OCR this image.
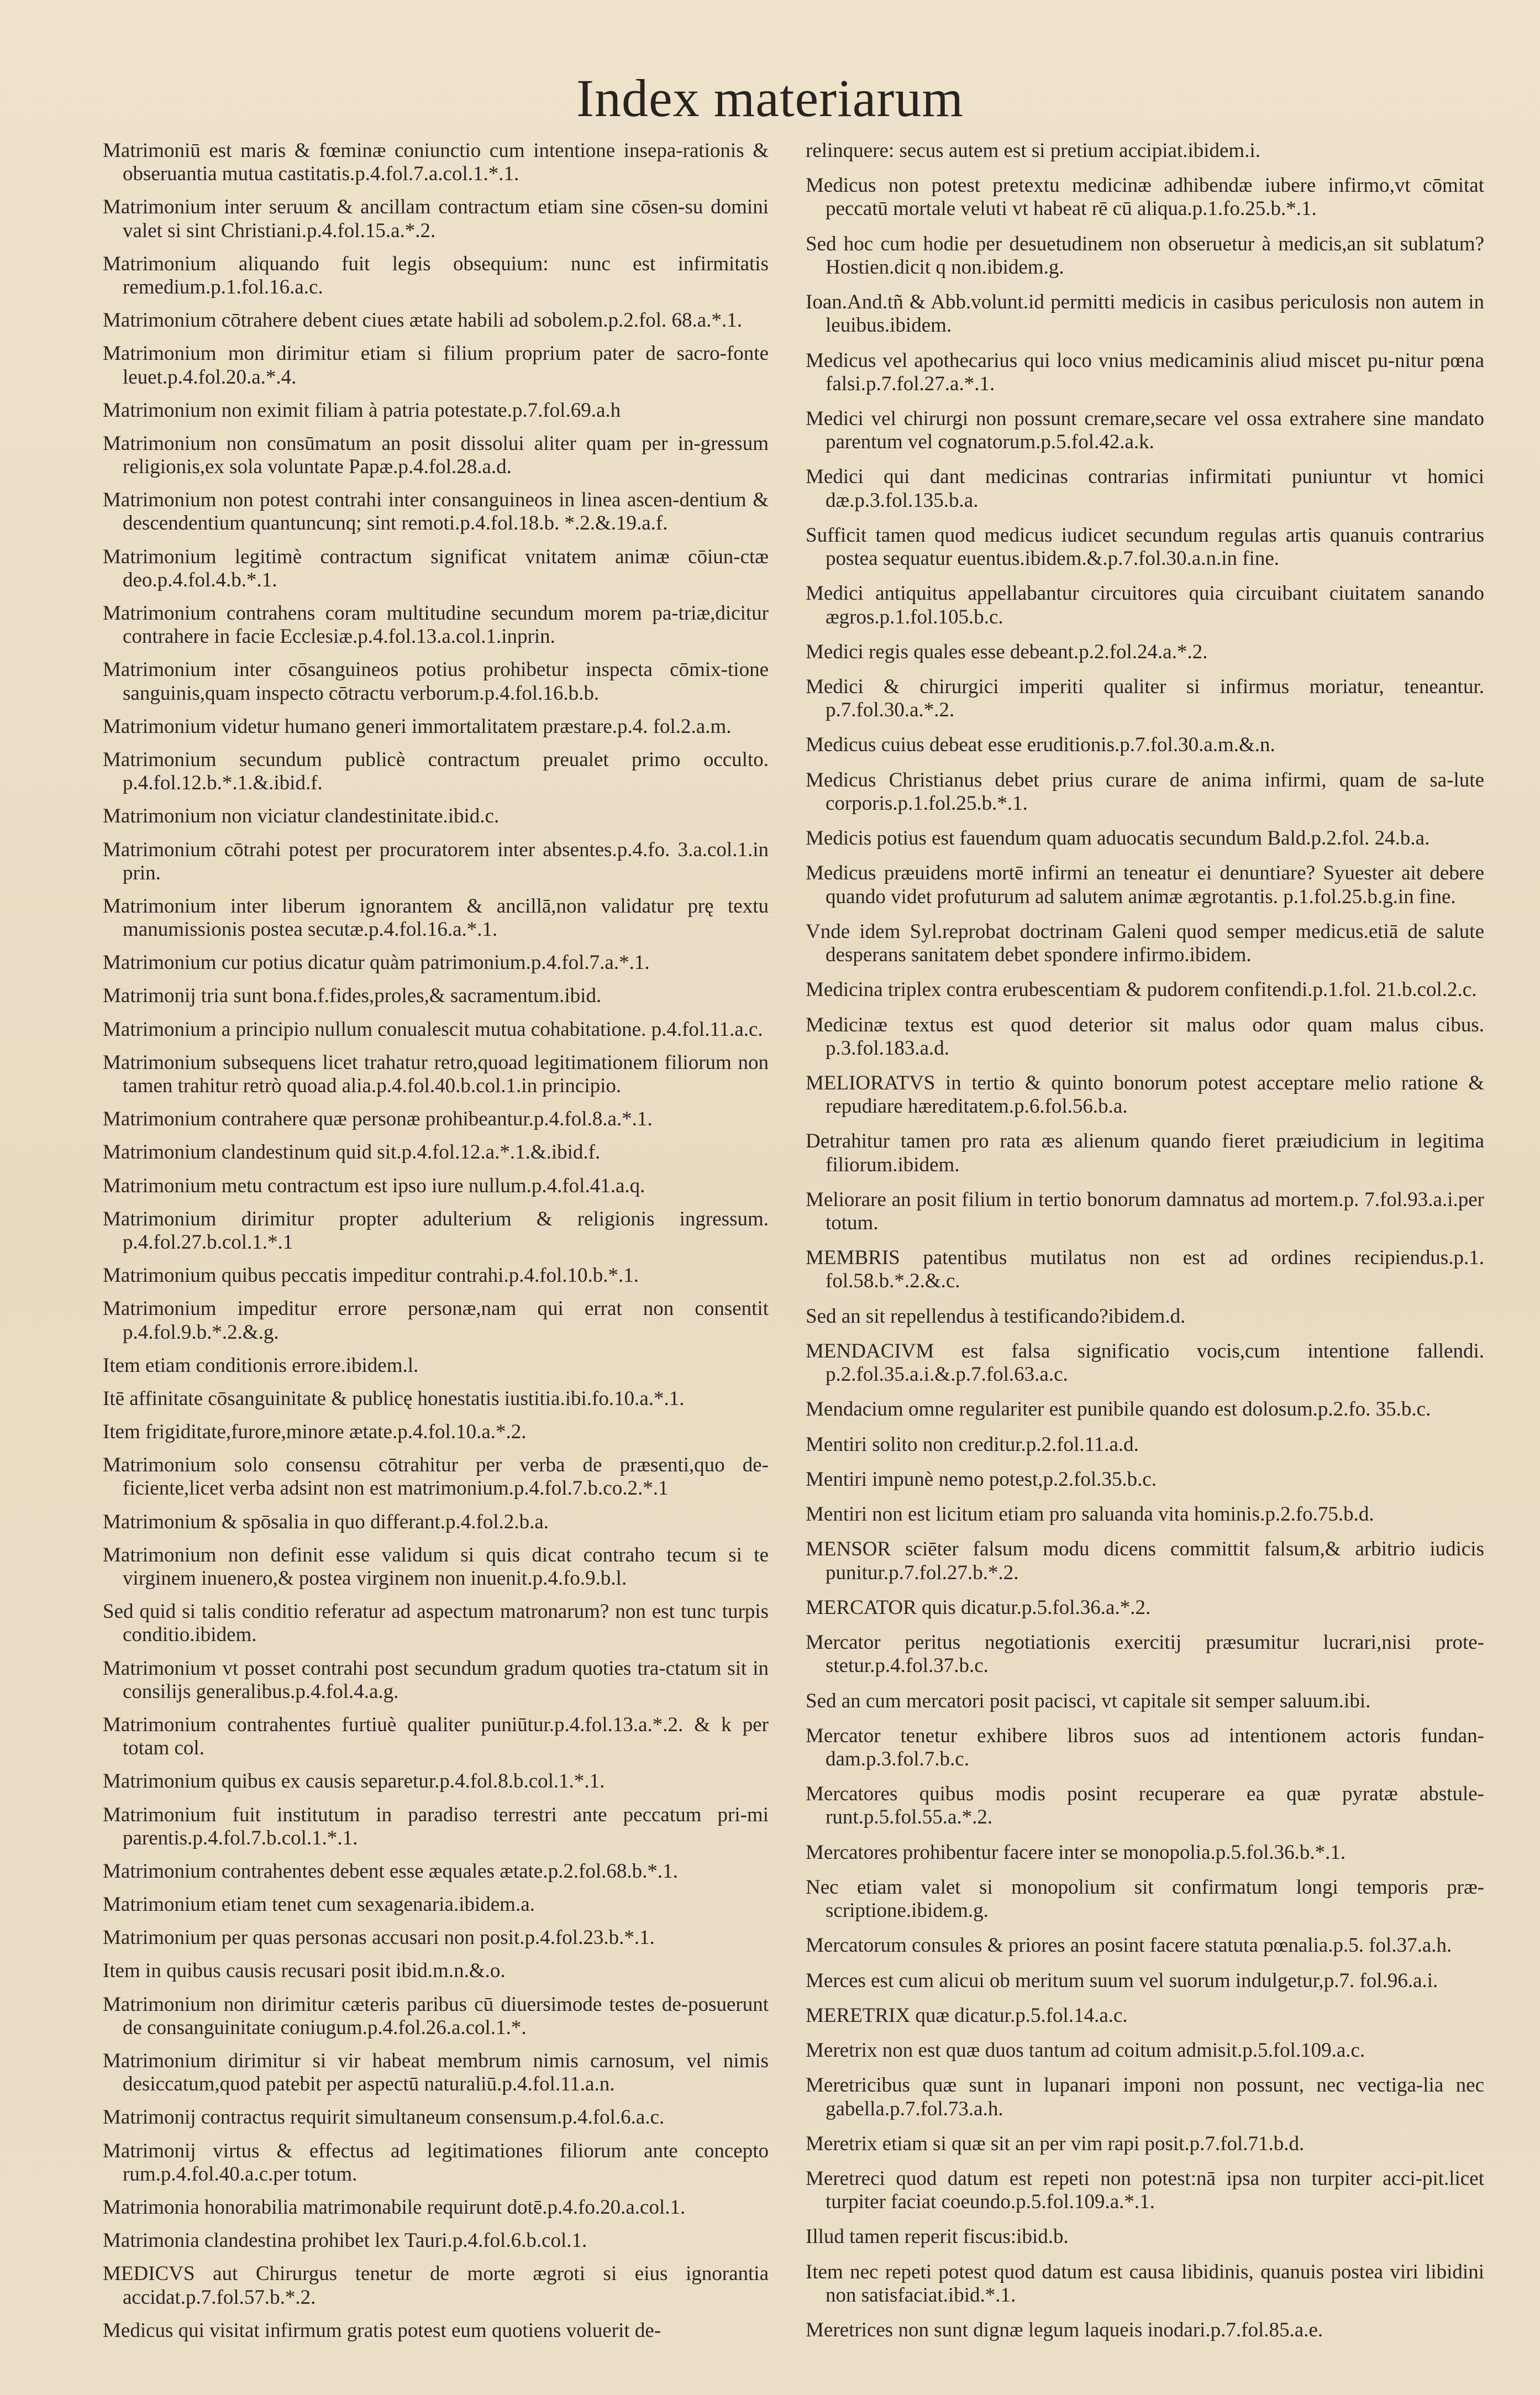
Index materiarum

Matrimoniū est maris & fœminæ coniunctio cum intentione insepa-rationis & obseruantia mutua castitatis.p.4.fol.7.a.col.1.*.1.

Matrimonium inter seruum & ancillam contractum etiam sine cōsen-su domini valet si sint Christiani.p.4.fol.15.a.*.2.

Matrimonium aliquando fuit legis obsequium: nunc est infirmitatis remedium.p.1.fol.16.a.c.

Matrimonium cōtrahere debent ciues ætate habili ad sobolem.p.2.fol. 68.a.*.1.

Matrimonium mon dirimitur etiam si filium proprium pater de sacro-fonte leuet.p.4.fol.20.a.*.4.

Matrimonium non eximit filiam à patria potestate.p.7.fol.69.a.h

Matrimonium non consūmatum an posit dissolui aliter quam per in-gressum religionis,ex sola voluntate Papæ.p.4.fol.28.a.d.

Matrimonium non potest contrahi inter consanguineos in linea ascen-dentium & descendentium quantuncunq; sint remoti.p.4.fol.18.b. *.2.&.19.a.f.

Matrimonium legitimè contractum significat vnitatem animæ cōiun-ctæ deo.p.4.fol.4.b.*.1.

Matrimonium contrahens coram multitudine secundum morem pa-triæ,dicitur contrahere in facie Ecclesiæ.p.4.fol.13.a.col.1.inprin.

Matrimonium inter cōsanguineos potius prohibetur inspecta cōmix-tione sanguinis,quam inspecto cōtractu verborum.p.4.fol.16.b.b.

Matrimonium videtur humano generi immortalitatem præstare.p.4. fol.2.a.m.

Matrimonium secundum publicè contractum preualet primo occulto. p.4.fol.12.b.*.1.&.ibid.f.

Matrimonium non viciatur clandestinitate.ibid.c.

Matrimonium cōtrahi potest per procuratorem inter absentes.p.4.fo. 3.a.col.1.in prin.

Matrimonium inter liberum ignorantem & ancillā,non validatur prę textu manumissionis postea secutæ.p.4.fol.16.a.*.1.

Matrimonium cur potius dicatur quàm patrimonium.p.4.fol.7.a.*.1.

Matrimonij tria sunt bona.f.fides,proles,& sacramentum.ibid.

Matrimonium a principio nullum conualescit mutua cohabitatione. p.4.fol.11.a.c.

Matrimonium subsequens licet trahatur retro,quoad legitimationem filiorum non tamen trahitur retrò quoad alia.p.4.fol.40.b.col.1.in principio.

Matrimonium contrahere quæ personæ prohibeantur.p.4.fol.8.a.*.1.

Matrimonium clandestinum quid sit.p.4.fol.12.a.*.1.&.ibid.f.

Matrimonium metu contractum est ipso iure nullum.p.4.fol.41.a.q.

Matrimonium dirimitur propter adulterium & religionis ingressum. p.4.fol.27.b.col.1.*.1

Matrimonium quibus peccatis impeditur contrahi.p.4.fol.10.b.*.1.

Matrimonium impeditur errore personæ,nam qui errat non consentit p.4.fol.9.b.*.2.&.g.

Item etiam conditionis errore.ibidem.l.

Itē affinitate cōsanguinitate & publicę honestatis iustitia.ibi.fo.10.a.*.1.

Item frigiditate,furore,minore ætate.p.4.fol.10.a.*.2.

Matrimonium solo consensu cōtrahitur per verba de præsenti,quo de-ficiente,licet verba adsint non est matrimonium.p.4.fol.7.b.co.2.*.1

Matrimonium & spōsalia in quo differant.p.4.fol.2.b.a.

Matrimonium non definit esse validum si quis dicat contraho tecum si te virginem inuenero,& postea virginem non inuenit.p.4.fo.9.b.l.

Sed quid si talis conditio referatur ad aspectum matronarum? non est tunc turpis conditio.ibidem.

Matrimonium vt posset contrahi post secundum gradum quoties tra-ctatum sit in consilijs generalibus.p.4.fol.4.a.g.

Matrimonium contrahentes furtiuè qualiter puniūtur.p.4.fol.13.a.*.2. & k per totam col.

Matrimonium quibus ex causis separetur.p.4.fol.8.b.col.1.*.1.

Matrimonium fuit institutum in paradiso terrestri ante peccatum pri-mi parentis.p.4.fol.7.b.col.1.*.1.

Matrimonium contrahentes debent esse æquales ætate.p.2.fol.68.b.*.1.

Matrimonium etiam tenet cum sexagenaria.ibidem.a.

Matrimonium per quas personas accusari non posit.p.4.fol.23.b.*.1.

Item in quibus causis recusari posit ibid.m.n.&.o.

Matrimonium non dirimitur cæteris paribus cū diuersimode testes de-posuerunt de consanguinitate coniugum.p.4.fol.26.a.col.1.*.

Matrimonium dirimitur si vir habeat membrum nimis carnosum, vel nimis desiccatum,quod patebit per aspectū naturaliū.p.4.fol.11.a.n.

Matrimonij contractus requirit simultaneum consensum.p.4.fol.6.a.c.

Matrimonij virtus & effectus ad legitimationes filiorum ante concepto rum.p.4.fol.40.a.c.per totum.

Matrimonia honorabilia matrimonabile requirunt dotē.p.4.fo.20.a.col.1.

Matrimonia clandestina prohibet lex Tauri.p.4.fol.6.b.col.1.

MEDICVS aut Chirurgus tenetur de morte ægroti si eius ignorantia accidat.p.7.fol.57.b.*.2.

Medicus qui visitat infirmum gratis potest eum quotiens voluerit de-

relinquere: secus autem est si pretium accipiat.ibidem.i.

Medicus non potest pretextu medicinæ adhibendæ iubere infirmo,vt cōmitat peccatū mortale veluti vt habeat rē cū aliqua.p.1.fo.25.b.*.1.

Sed hoc cum hodie per desuetudinem non obseruetur à medicis,an sit sublatum?Hostien.dicit q non.ibidem.g.

Ioan.And.tñ & Abb.volunt.id permitti medicis in casibus periculosis non autem in leuibus.ibidem.

Medicus vel apothecarius qui loco vnius medicaminis aliud miscet pu-nitur pœna falsi.p.7.fol.27.a.*.1.

Medici vel chirurgi non possunt cremare,secare vel ossa extrahere sine mandato parentum vel cognatorum.p.5.fol.42.a.k.

Medici qui dant medicinas contrarias infirmitati puniuntur vt homici dæ.p.3.fol.135.b.a.

Sufficit tamen quod medicus iudicet secundum regulas artis quanuis contrarius postea sequatur euentus.ibidem.&.p.7.fol.30.a.n.in fine.

Medici antiquitus appellabantur circuitores quia circuibant ciuitatem sanando ægros.p.1.fol.105.b.c.

Medici regis quales esse debeant.p.2.fol.24.a.*.2.

Medici & chirurgici imperiti qualiter si infirmus moriatur, teneantur. p.7.fol.30.a.*.2.

Medicus cuius debeat esse eruditionis.p.7.fol.30.a.m.&.n.

Medicus Christianus debet prius curare de anima infirmi, quam de sa-lute corporis.p.1.fol.25.b.*.1.

Medicis potius est fauendum quam aduocatis secundum Bald.p.2.fol. 24.b.a.

Medicus præuidens mortē infirmi an teneatur ei denuntiare? Syuester ait debere quando videt profuturum ad salutem animæ ægrotantis. p.1.fol.25.b.g.in fine.

Vnde idem Syl.reprobat doctrinam Galeni quod semper medicus.etiā de salute desperans sanitatem debet spondere infirmo.ibidem.

Medicina triplex contra erubescentiam & pudorem confitendi.p.1.fol. 21.b.col.2.c.

Medicinæ textus est quod deterior sit malus odor quam malus cibus. p.3.fol.183.a.d.

MELIORATVS in tertio & quinto bonorum potest acceptare melio ratione & repudiare hæreditatem.p.6.fol.56.b.a.

Detrahitur tamen pro rata æs alienum quando fieret præiudicium in legitima filiorum.ibidem.

Meliorare an posit filium in tertio bonorum damnatus ad mortem.p. 7.fol.93.a.i.per totum.

MEMBRIS patentibus mutilatus non est ad ordines recipiendus.p.1. fol.58.b.*.2.&.c.

Sed an sit repellendus à testificando?ibidem.d.

MENDACIVM est falsa significatio vocis,cum intentione fallendi. p.2.fol.35.a.i.&.p.7.fol.63.a.c.

Mendacium omne regulariter est punibile quando est dolosum.p.2.fo. 35.b.c.

Mentiri solito non creditur.p.2.fol.11.a.d.

Mentiri impunè nemo potest,p.2.fol.35.b.c.

Mentiri non est licitum etiam pro saluanda vita hominis.p.2.fo.75.b.d.

MENSOR sciēter falsum modu dicens committit falsum,& arbitrio iudicis punitur.p.7.fol.27.b.*.2.

MERCATOR quis dicatur.p.5.fol.36.a.*.2.

Mercator peritus negotiationis exercitij præsumitur lucrari,nisi prote-stetur.p.4.fol.37.b.c.

Sed an cum mercatori posit pacisci, vt capitale sit semper saluum.ibi.

Mercator tenetur exhibere libros suos ad intentionem actoris fundan-dam.p.3.fol.7.b.c.

Mercatores quibus modis posint recuperare ea quæ pyratæ abstule-runt.p.5.fol.55.a.*.2.

Mercatores prohibentur facere inter se monopolia.p.5.fol.36.b.*.1.

Nec etiam valet si monopolium sit confirmatum longi temporis præ-scriptione.ibidem.g.

Mercatorum consules & priores an posint facere statuta pœnalia.p.5. fol.37.a.h.

Merces est cum alicui ob meritum suum vel suorum indulgetur,p.7. fol.96.a.i.

MERETRIX quæ dicatur.p.5.fol.14.a.c.

Meretrix non est quæ duos tantum ad coitum admisit.p.5.fol.109.a.c.

Meretricibus quæ sunt in lupanari imponi non possunt, nec vectiga-lia nec gabella.p.7.fol.73.a.h.

Meretrix etiam si quæ sit an per vim rapi posit.p.7.fol.71.b.d.

Meretreci quod datum est repeti non potest:nā ipsa non turpiter acci-pit.licet turpiter faciat coeundo.p.5.fol.109.a.*.1.

Illud tamen reperit fiscus:ibid.b.

Item nec repeti potest quod datum est causa libidinis, quanuis postea viri libidini non satisfaciat.ibid.*.1.

Meretrices non sunt dignæ legum laqueis inodari.p.7.fol.85.a.e.
